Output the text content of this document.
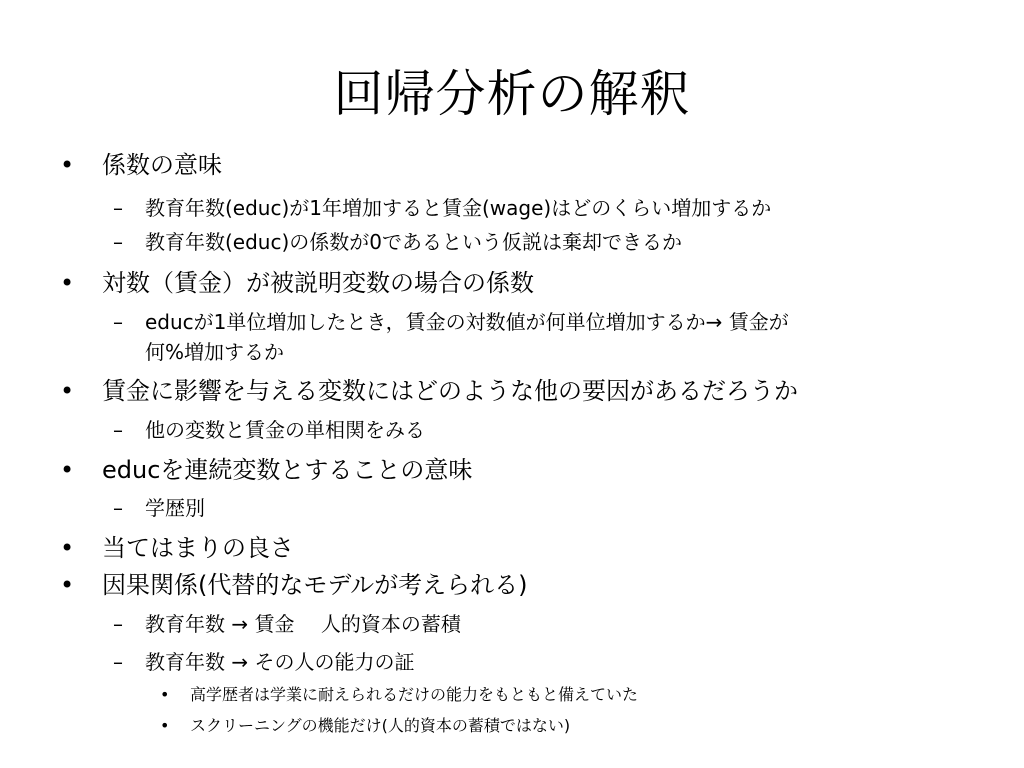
回帰分析の解釈
• 係数の意味
– 教育年数(educ)が1年増加すると賃金(wage)はどのくらい増加するか
– 教育年数(educ)の係数が0であるという仮説は棄却できるか
• 対数（賃金）が被説明変数の場合の係数
– educが1単位増加したとき，賃金の対数値が何単位増加するか→ 賃金が
何%増加するか
• 賃金に影響を与える変数にはどのような他の要因があるだろうか
– 他の変数と賃金の単相関をみる
• educを連続変数とすることの意味
– 学歴別
• 当てはまりの良さ
• 因果関係(代替的なモデルが考えられる)
– 教育年数 → 賃金　 人的資本の蓄積
– 教育年数 → その人の能力の証
• 高学歴者は学業に耐えられるだけの能力をもともと備えていた
• スクリーニングの機能だけ(人的資本の蓄積ではない)
